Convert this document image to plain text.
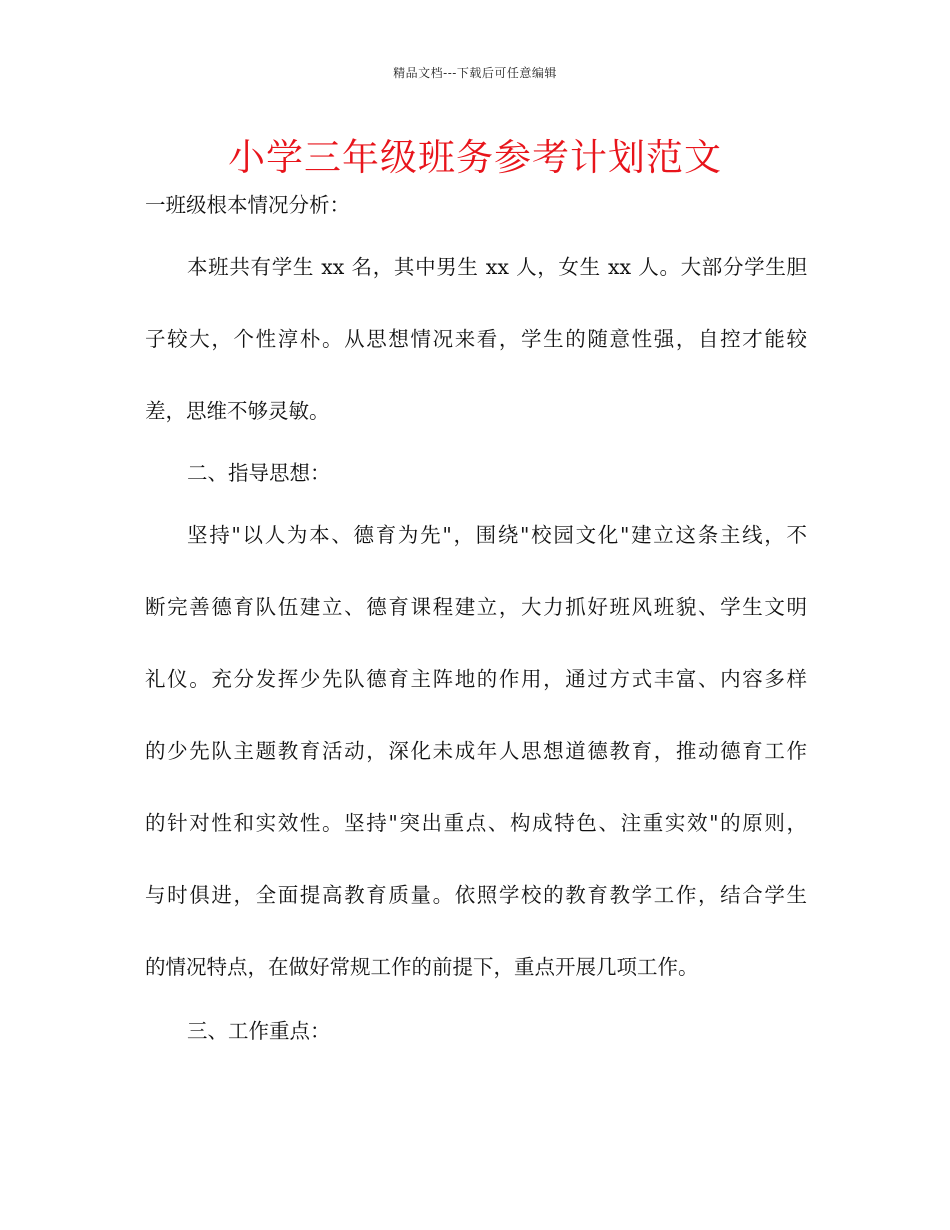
精品文档---下载后可任意编辑
小学三年级班务参考计划范文
一班级根本情况分析：
本班共有学生 xx 名，其中男生 xx 人，女生 xx 人。大部分学生胆
子较大，个性淳朴。从思想情况来看，学生的随意性强，自控才能较
差，思维不够灵敏。
二、指导思想：
坚持"以人为本、德育为先"，围绕"校园文化"建立这条主线，不
断完善德育队伍建立、德育课程建立，大力抓好班风班貌、学生文明
礼仪。充分发挥少先队德育主阵地的作用，通过方式丰富、内容多样
的少先队主题教育活动，深化未成年人思想道德教育，推动德育工作
的针对性和实效性。坚持"突出重点、构成特色、注重实效"的原则，
与时俱进，全面提高教育质量。依照学校的教育教学工作，结合学生
的情况特点，在做好常规工作的前提下，重点开展几项工作。
三、工作重点：
